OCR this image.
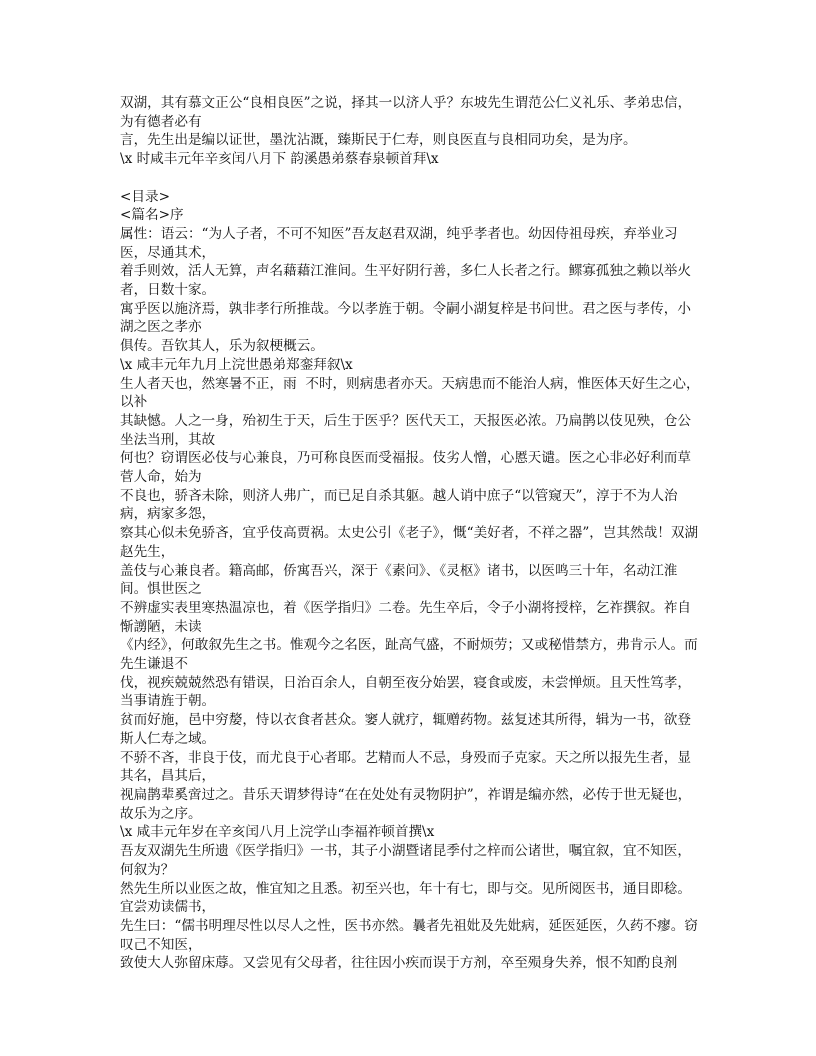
双湖，其有慕文正公“良相良医”之说，择其一以济人乎？东坡先生谓范公仁义礼乐、孝弟忠信，为有德者必有

言，先生出是编以证世，墨沈沾溉，臻斯民于仁寿，则良医直与良相同功矣，是为序。

\x 时咸丰元年辛亥闰八月下 韵溪愚弟蔡春泉顿首拜\x

<目录>

<篇名>序

属性：语云：“为人子者，不可不知医”吾友赵君双湖，纯乎孝者也。幼因侍祖母疾，弃举业习医，尽通其术，

着手则效，活人无算，声名藉藉江淮间。生平好阴行善，多仁人长者之行。鳏寡孤独之赖以举火者，日数十家。

寓乎医以施济焉，孰非孝行所推哉。今以孝旌于朝。令嗣小湖复梓是书问世。君之医与孝传，小湖之医之孝亦

俱传。吾钦其人，乐为叙梗概云。

\x 咸丰元年九月上浣世愚弟郑銮拜叙\x

生人者天也，然寒暑不正，雨  不时，则病患者亦天。天病患而不能治人病，惟医体天好生之心，以补

其缺憾。人之一身，殆初生于天，后生于医乎？医代天工，天报医必浓。乃扁鹊以伎见殃，仓公坐法当刑，其故

何也？窃谓医必伎与心兼良，乃可称良医而受福报。伎劣人憎，心慝天谴。医之心非必好利而草菅人命，始为

不良也，骄吝未除，则济人弗广，而已足自杀其躯。越人诮中庶子“以管窥天”，淳于不为人治病，病家多怨，

察其心似未免骄吝，宜乎伎高贾祸。太史公引《老子》，慨“美好者，不祥之器”，岂其然哉！双湖赵先生，

盖伎与心兼良者。籍高邮，侨寓吾兴，深于《素问》、《灵枢》诸书，以医鸣三十年，名动江淮间。惧世医之

不辨虚实表里寒热温凉也，着《医学指归》二卷。先生卒后，令子小湖将授梓，乞祚撰叙。祚自惭謭陋，未读

《内经》，何敢叙先生之书。惟观今之名医，趾高气盛，不耐烦劳；又或秘惜禁方，弗肯示人。而先生谦退不

伐，视疾兢兢然恐有错误，日治百余人，自朝至夜分始罢，寝食或废，未尝惮烦。且天性笃孝，当事请旌于朝。

贫而好施，邑中穷嫠，恃以衣食者甚众。窭人就疗，辄赠药物。兹复述其所得，辑为一书，欲登斯人仁寿之域。

不骄不吝，非良于伎，而尤良于心者耶。艺精而人不忌，身殁而子克家。天之所以报先生者，显其名，昌其后，

视扁鹊辈奚啻过之。昔乐天谓梦得诗“在在处处有灵物阴护”，祚谓是编亦然，必传于世无疑也，故乐为之序。

\x 咸丰元年岁在辛亥闰八月上浣学山李福祚顿首撰\x

吾友双湖先生所遗《医学指归》一书，其子小湖暨诸昆季付之梓而公诸世，嘱宜叙，宜不知医，何叙为？

然先生所以业医之故，惟宜知之且悉。初至兴也，年十有七，即与交。见所阅医书，通目即稔。宜尝劝读儒书，

先生曰：“儒书明理尽性以尽人之性，医书亦然。曩者先祖妣及先妣病，延医延医，久药不瘳。窃叹己不知医，

致使大人弥留床蓐。又尝见有父母者，往往因小疾而误于方剂，卒至殒身失养，恨不知酌良剂
